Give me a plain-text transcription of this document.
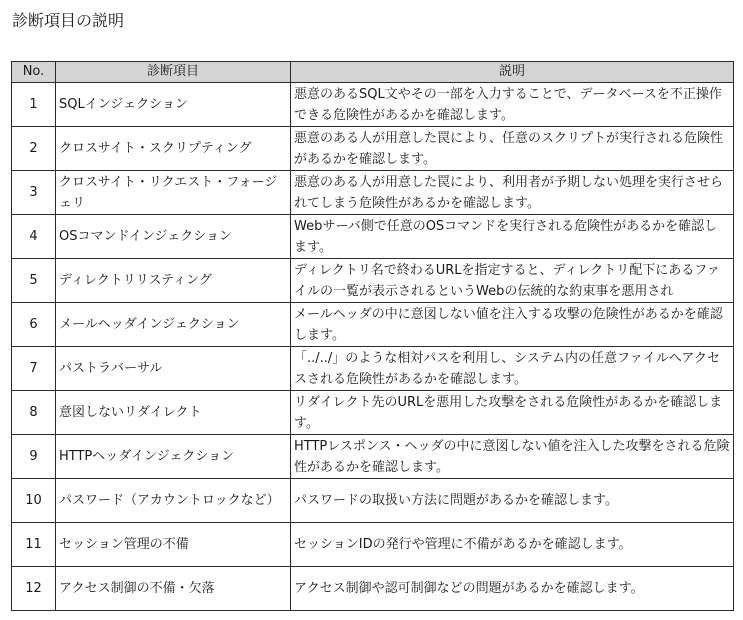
診断項目の説明
No.	診断項目	説明

1	SQLインジェクション	悪意のあるSQL文やその一部を入力することで、データベースを不正操作できる危険性があるかを確認します。

2	クロスサイト・スクリプティング	悪意のある人が用意した罠により、任意のスクリプトが実行される危険性があるかを確認します。

3	クロスサイト・リクエスト・フォージェリ	悪意のある人が用意した罠により、利用者が予期しない処理を実行させられてしまう危険性があるかを確認します。

4	OSコマンドインジェクション	Webサーバ側で任意のOSコマンドを実行される危険性があるかを確認します。

5	ディレクトリリスティング	ディレクトリ名で終わるURLを指定すると、ディレクトリ配下にあるファイルの一覧が表示されるというWebの伝統的な約束事を悪用され

6	メールヘッダインジェクション	メールヘッダの中に意図しない値を注入する攻撃の危険性があるかを確認します。

7	パストラバーサル	「../../」のような相対パスを利用し、システム内の任意ファイルへアクセスされる危険性があるかを確認します。

8	意図しないリダイレクト	リダイレクト先のURLを悪用した攻撃をされる危険性があるかを確認します。

9	HTTPヘッダインジェクション	HTTPレスポンス・ヘッダの中に意図しない値を注入した攻撃をされる危険性があるかを確認します。

10	パスワード（アカウントロックなど）	パスワードの取扱い方法に問題があるかを確認します。

11	セッション管理の不備	セッションIDの発行や管理に不備があるかを確認します。

12	アクセス制御の不備・欠落	アクセス制御や認可制御などの問題があるかを確認します。
